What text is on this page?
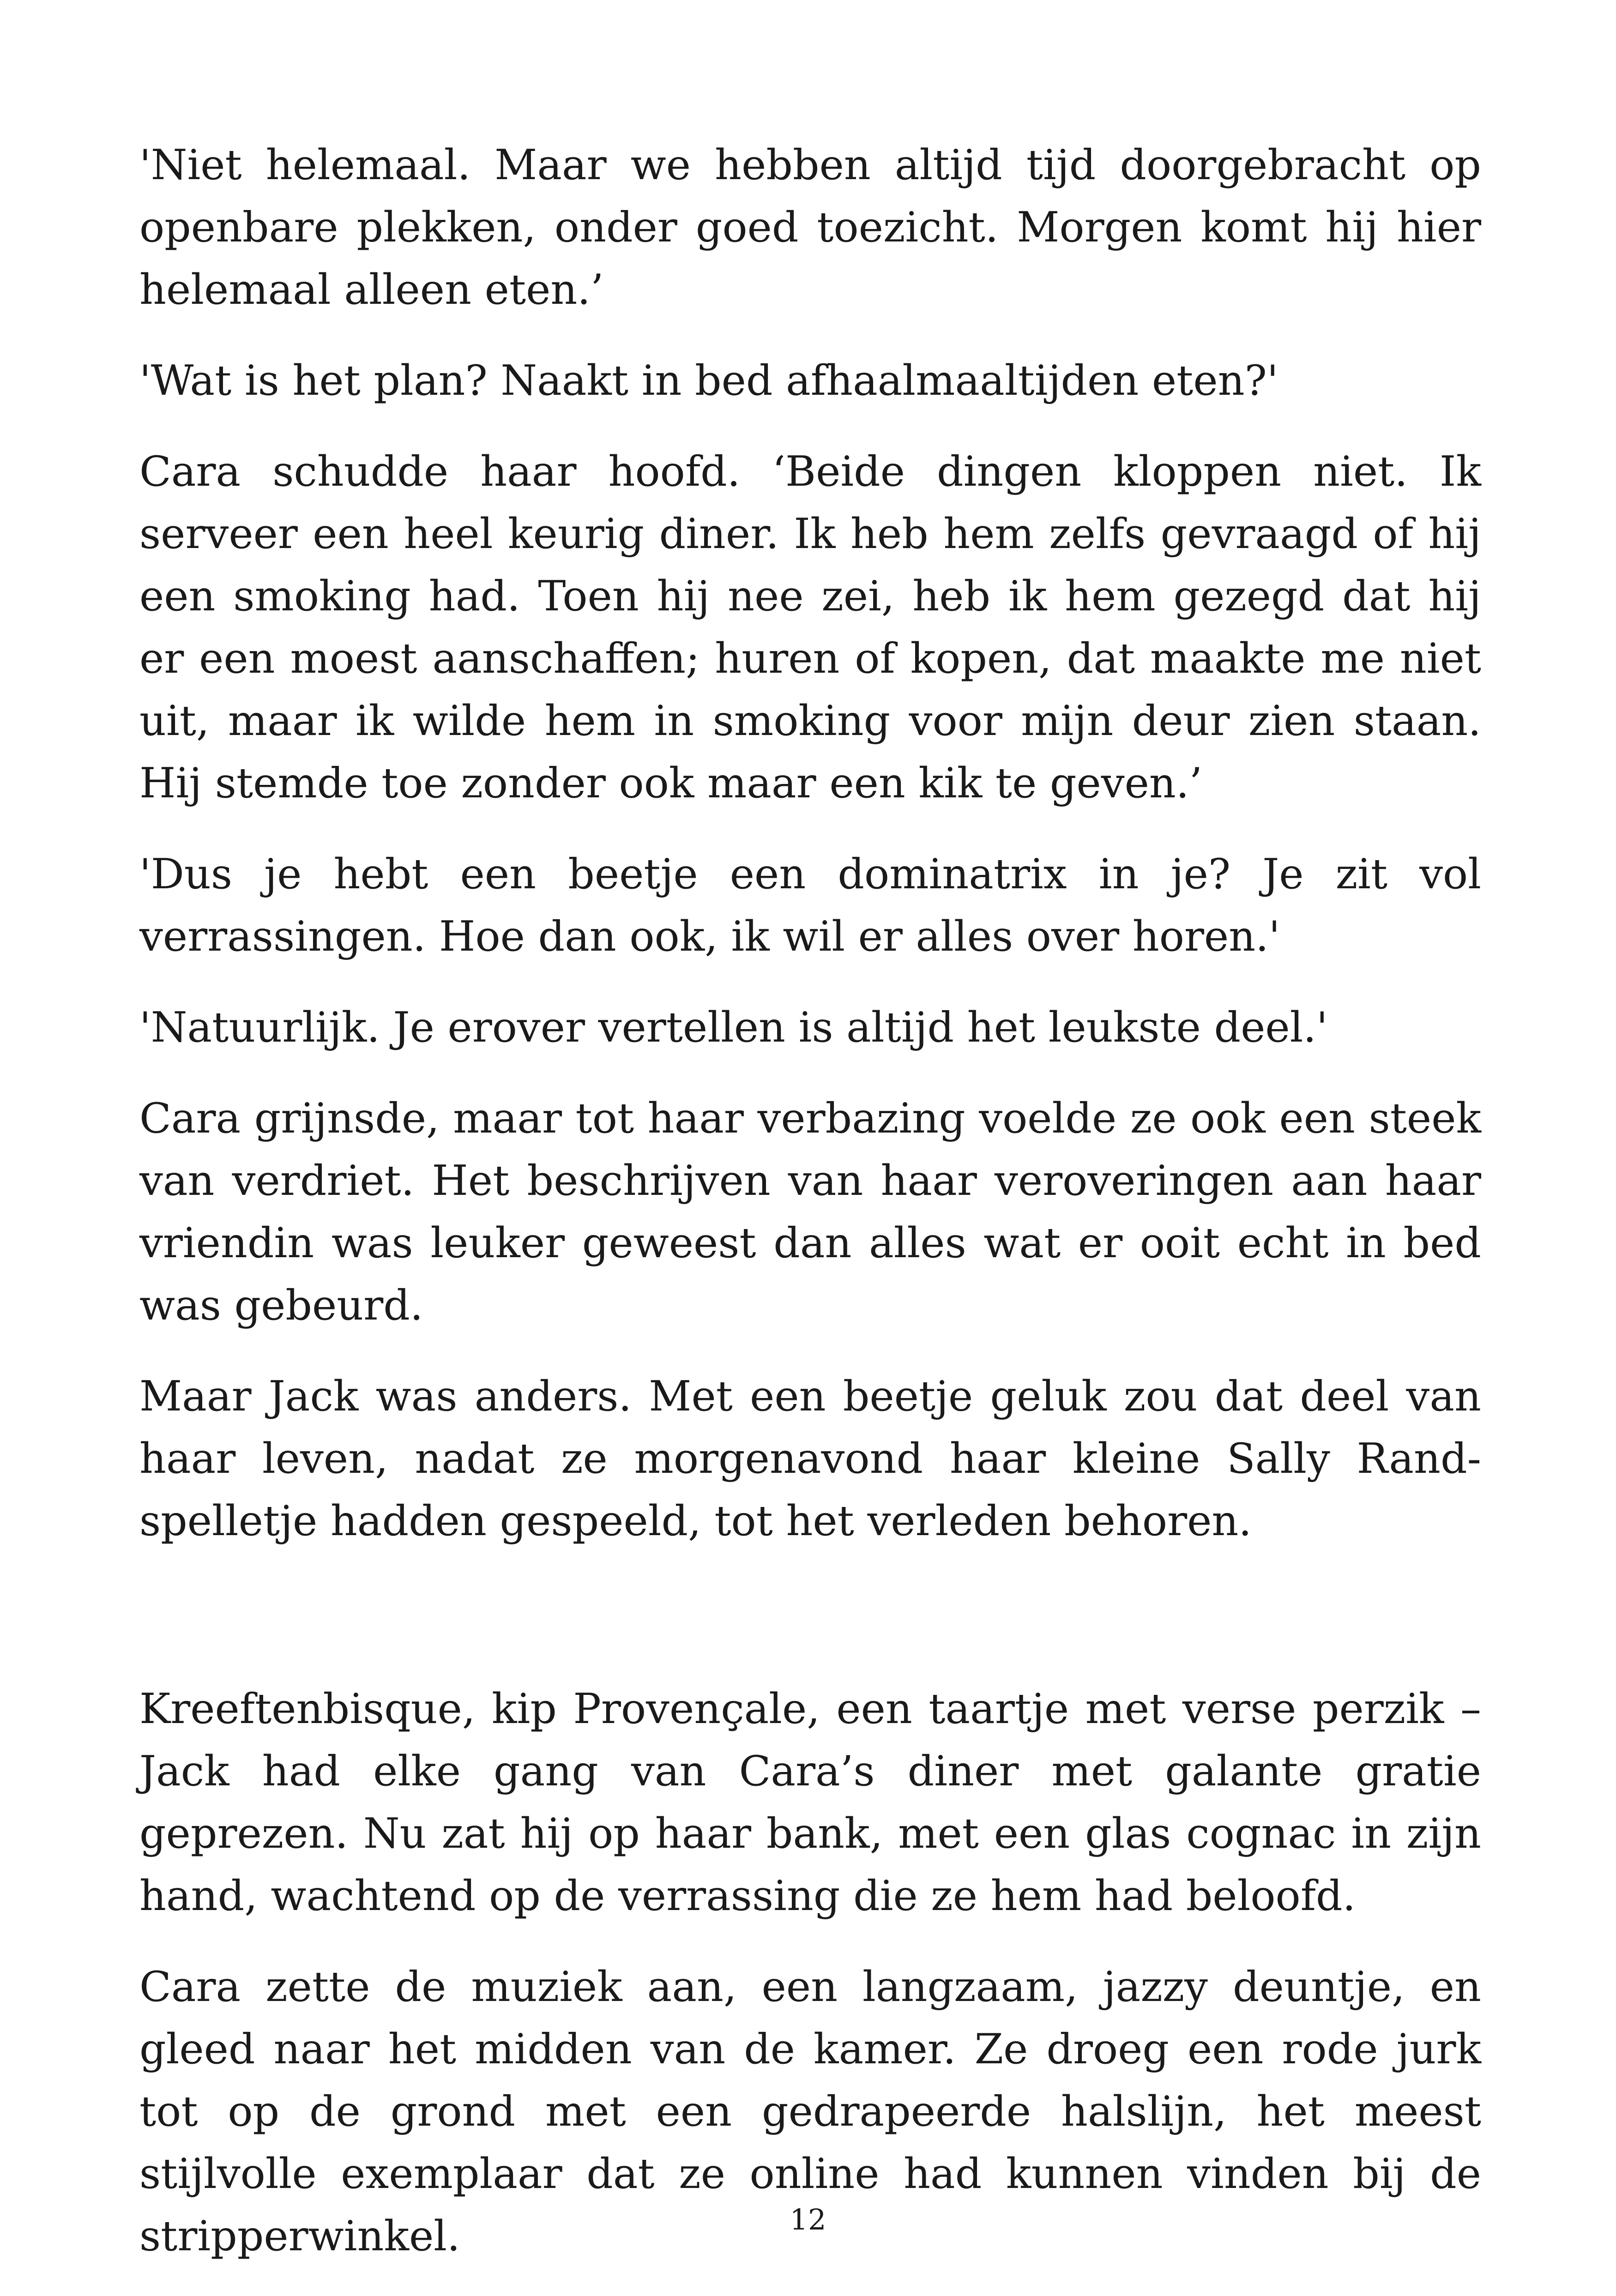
'Niet helemaal. Maar we hebben altijd tijd doorgebracht op openbare plekken, onder goed toezicht. Morgen komt hij hier helemaal alleen eten.’

'Wat is het plan? Naakt in bed afhaalmaaltijden eten?'

Cara schudde haar hoofd. ‘Beide dingen kloppen niet. Ik serveer een heel keurig diner. Ik heb hem zelfs gevraagd of hij een smoking had. Toen hij nee zei, heb ik hem gezegd dat hij er een moest aanschaffen; huren of kopen, dat maakte me niet uit, maar ik wilde hem in smoking voor mijn deur zien staan. Hij stemde toe zonder ook maar een kik te geven.’

'Dus je hebt een beetje een dominatrix in je? Je zit vol verrassingen. Hoe dan ook, ik wil er alles over horen.'

'Natuurlijk. Je erover vertellen is altijd het leukste deel.'

Cara grijnsde, maar tot haar verbazing voelde ze ook een steek van verdriet. Het beschrijven van haar veroveringen aan haar vriendin was leuker geweest dan alles wat er ooit echt in bed was gebeurd.

Maar Jack was anders. Met een beetje geluk zou dat deel van haar leven, nadat ze morgenavond haar kleine Sally Rand-spelletje hadden gespeeld, tot het verleden behoren.

Kreeftenbisque, kip Provençale, een taartje met verse perzik – Jack had elke gang van Cara’s diner met galante gratie geprezen. Nu zat hij op haar bank, met een glas cognac in zijn hand, wachtend op de verrassing die ze hem had beloofd.

Cara zette de muziek aan, een langzaam, jazzy deuntje, en gleed naar het midden van de kamer. Ze droeg een rode jurk tot op de grond met een gedrapeerde halslijn, het meest stijlvolle exemplaar dat ze online had kunnen vinden bij de stripperwinkel.	12
